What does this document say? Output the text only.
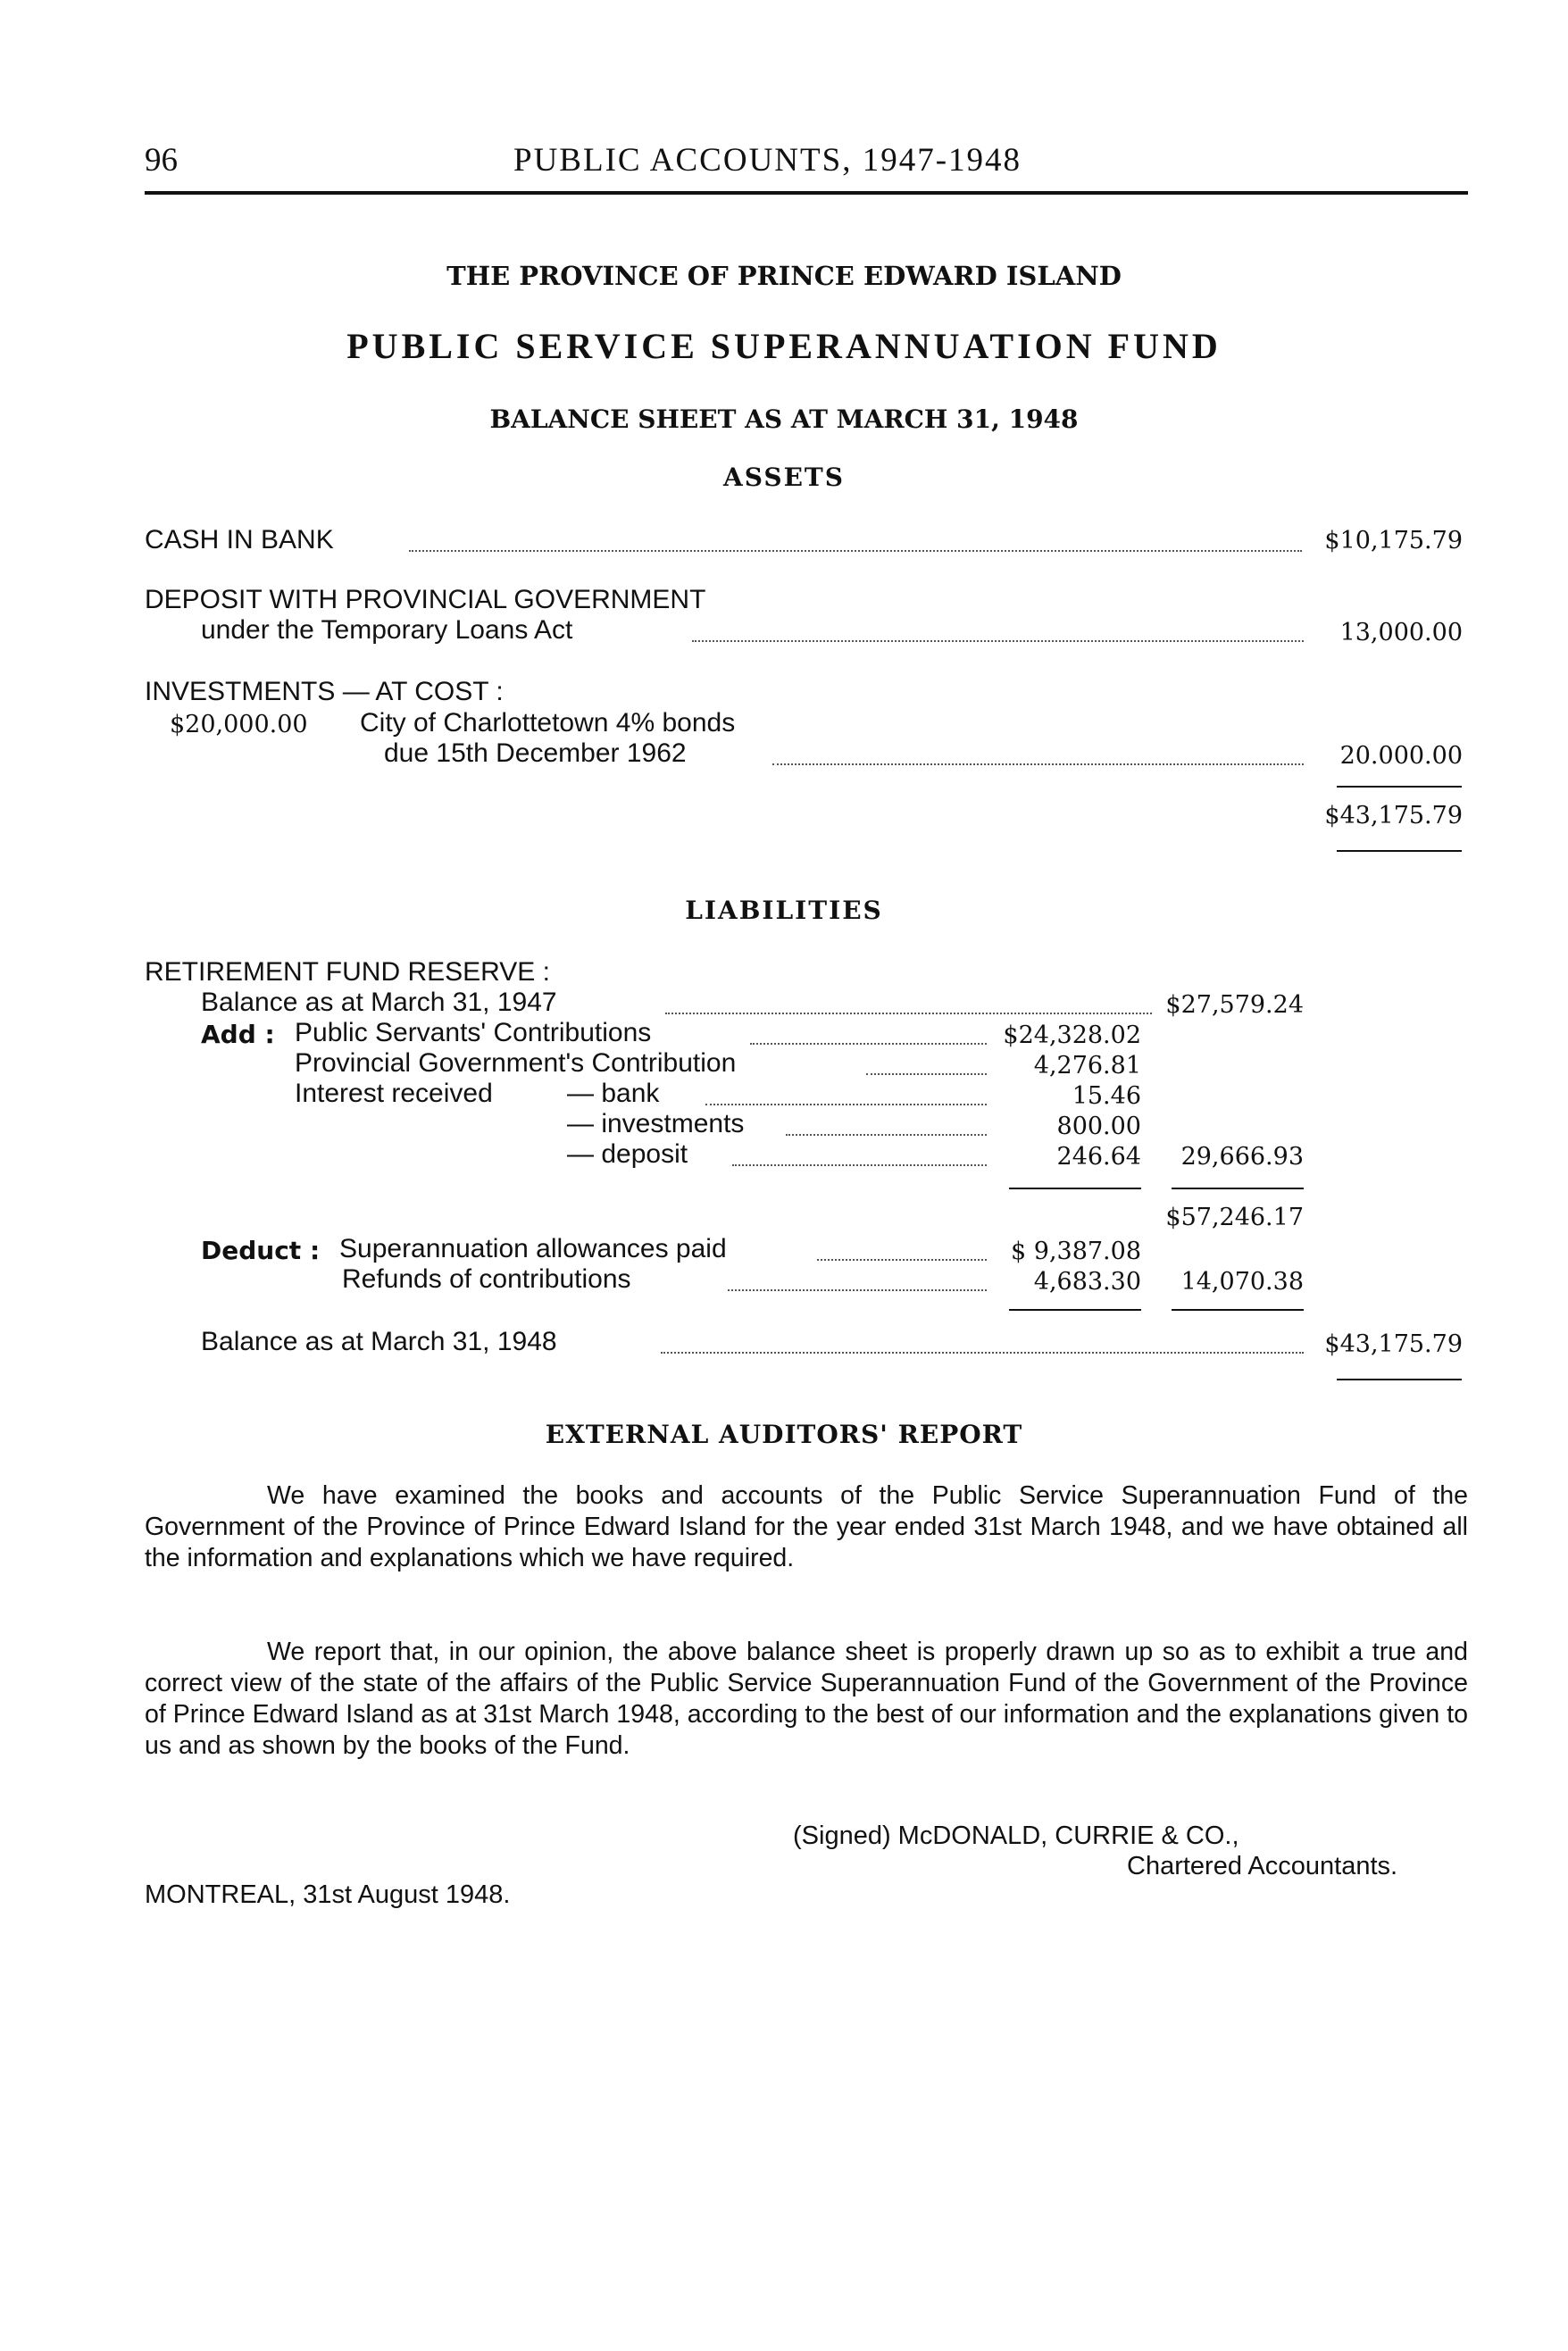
96	PUBLIC ACCOUNTS, 1947-1948
THE PROVINCE OF PRINCE EDWARD ISLAND
PUBLIC SERVICE SUPERANNUATION FUND
BALANCE SHEET AS AT MARCH 31, 1948
ASSETS
CASH IN BANK	$10,175.79
DEPOSIT WITH PROVINCIAL GOVERNMENT
under the Temporary Loans Act	13,000.00
INVESTMENTS — AT COST :
$20,000.00	City of Charlottetown 4% bonds
due 15th December 1962	20.000.00
$43,175.79
LIABILITIES
RETIREMENT FUND RESERVE :
Balance as at March 31, 1947	$27,579.24
Add : Public Servants' Contributions	$24,328.02
Provincial Government's Contribution	4,276.81
Interest received	— bank	15.46
— investments	800.00
— deposit	246.64	29,666.93
$57,246.17
Deduct : Superannuation allowances paid	$ 9,387.08
Refunds of contributions	4,683.30	14,070.38
Balance as at March 31, 1948	$43,175.79
EXTERNAL AUDITORS' REPORT

We have examined the books and accounts of the Public Service Superannuation Fund of the Government of the Province of Prince Edward Island for the year ended 31st March 1948, and we have obtained all the information and explanations which we have required.

We report that, in our opinion, the above balance sheet is properly drawn up so as to exhibit a true and correct view of the state of the affairs of the Public Service Superannuation Fund of the Government of the Province of Prince Edward Island as at 31st March 1948, according to the best of our information and the explanations given to us and as shown by the books of the Fund.

(Signed) McDONALD, CURRIE & CO.,
Chartered Accountants.
MONTREAL, 31st August 1948.
